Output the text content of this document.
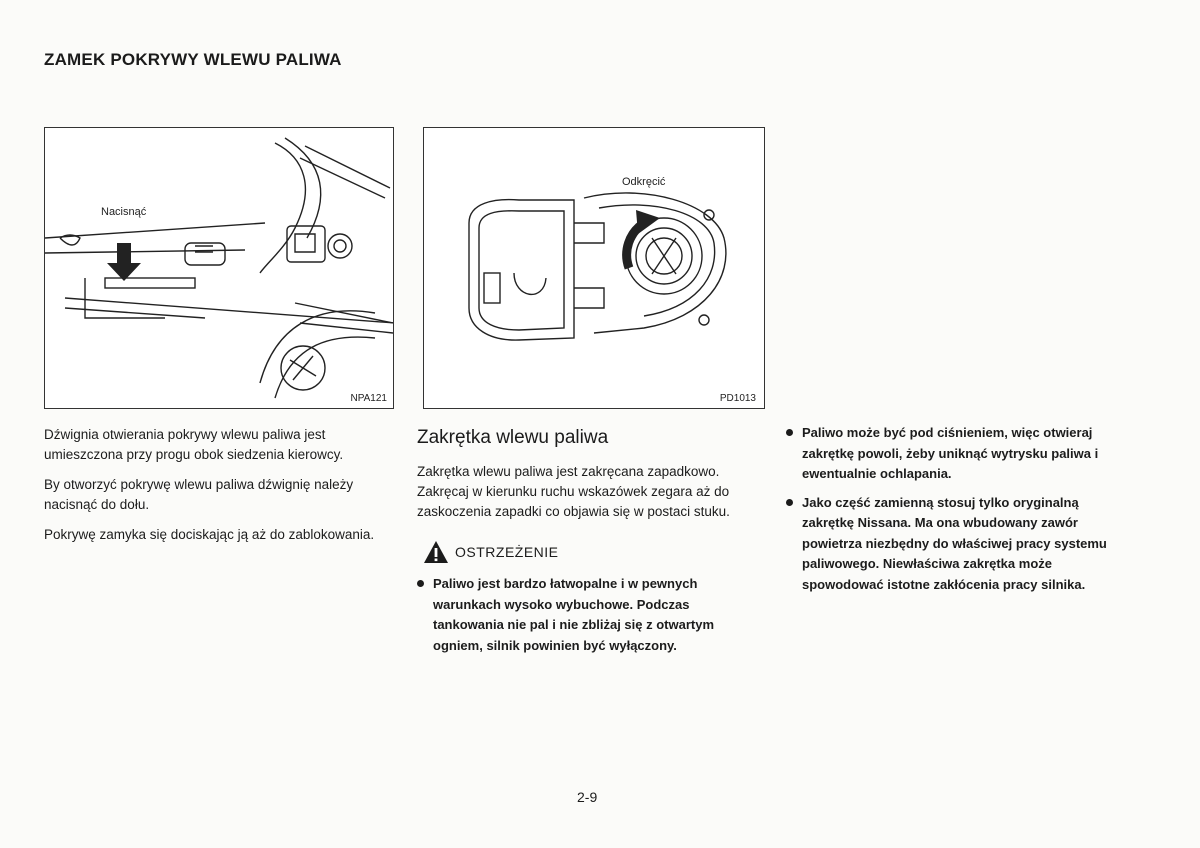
ZAMEK POKRYWY WLEWU PALIWA
Nacisnąć
NPA121
Odkręcić
PD1013

Dźwignia otwierania pokrywy wlewu paliwa jest umieszczona przy progu obok siedzenia kierowcy.

By otworzyć pokrywę wlewu paliwa dźwignię należy nacisnąć do dołu.

Pokrywę zamyka się dociskając ją aż do zablokowania.

Zakrętka wlewu paliwa

Zakrętka wlewu paliwa jest zakręcana zapadkowo. Zakręcaj w kierunku ruchu wskazówek zegara aż do zaskoczenia zapadki co objawia się w postaci stuku.

OSTRZEŻENIE
Paliwo jest bardzo łatwopalne i w pewnych warunkach wysoko wybuchowe. Podczas tankowania nie pal i nie zbliżaj się z otwartym ogniem, silnik powinien być wyłączony.
Paliwo może być pod ciśnieniem, więc otwieraj zakrętkę powoli, żeby uniknąć wytrysku paliwa i ewentualnie ochlapania.
Jako część zamienną stosuj tylko oryginalną zakrętkę Nissana. Ma ona wbudowany zawór powietrza niezbędny do właściwej pracy systemu paliwowego. Niewłaściwa zakrętka może spowodować istotne zakłócenia pracy silnika.
2-9
